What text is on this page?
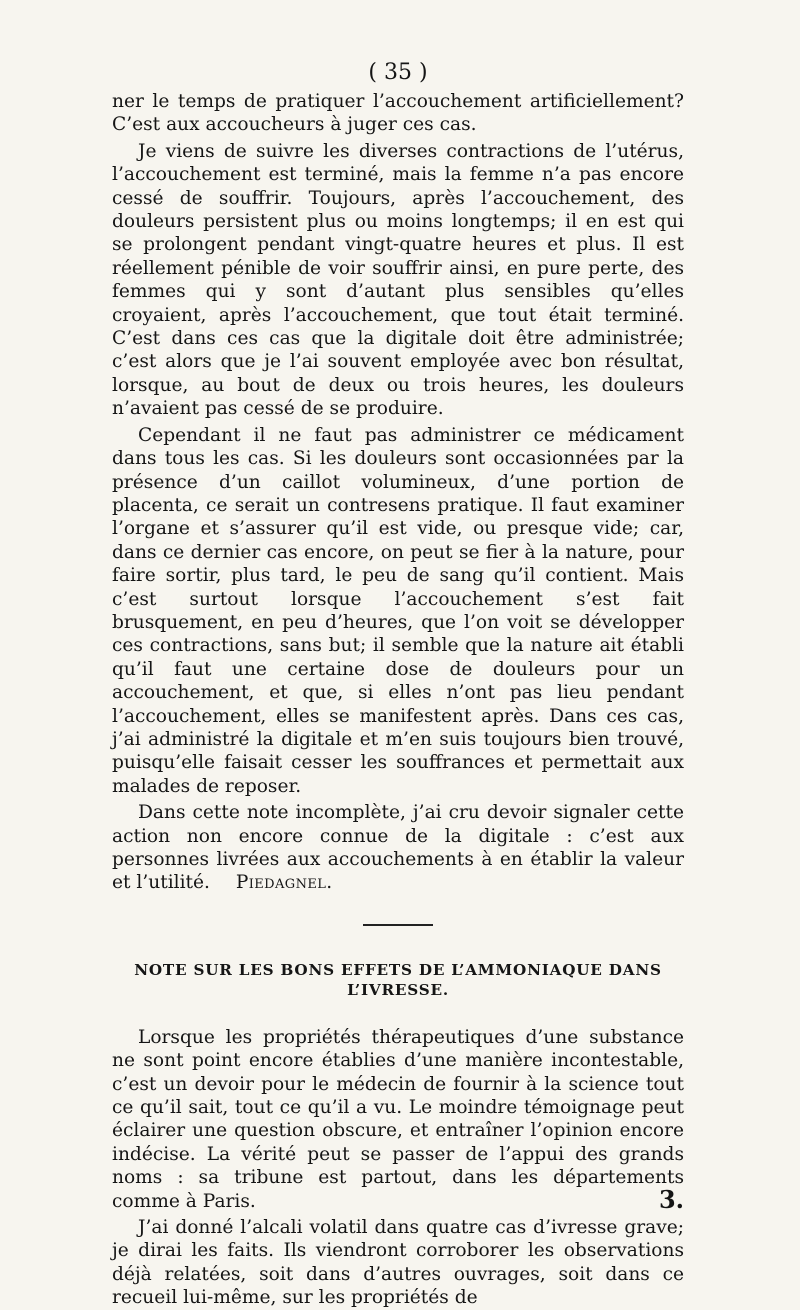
( 35 )

ner le temps de pratiquer l’accouchement artificiellement? C’est aux accoucheurs à juger ces cas.

Je viens de suivre les diverses contractions de l’utérus, l’accouchement est terminé, mais la femme n’a pas encore cessé de souffrir. Toujours, après l’accouchement, des douleurs persistent plus ou moins longtemps; il en est qui se prolongent pendant vingt-quatre heures et plus. Il est réellement pénible de voir souffrir ainsi, en pure perte, des femmes qui y sont d’autant plus sensibles qu’elles croyaient, après l’accouchement, que tout était terminé. C’est dans ces cas que la digitale doit être administrée; c’est alors que je l’ai souvent employée avec bon résultat, lorsque, au bout de deux ou trois heures, les douleurs n’avaient pas cessé de se produire.

Cependant il ne faut pas administrer ce médicament dans tous les cas. Si les douleurs sont occasionnées par la présence d’un caillot volumineux, d’une portion de placenta, ce serait un contresens pratique. Il faut examiner l’organe et s’assurer qu’il est vide, ou presque vide; car, dans ce dernier cas encore, on peut se fier à la nature, pour faire sortir, plus tard, le peu de sang qu’il contient. Mais c’est surtout lorsque l’accouchement s’est fait brusquement, en peu d’heures, que l’on voit se développer ces contractions, sans but; il semble que la nature ait établi qu’il faut une certaine dose de douleurs pour un accouchement, et que, si elles n’ont pas lieu pendant l’accouchement, elles se manifestent après. Dans ces cas, j’ai administré la digitale et m’en suis toujours bien trouvé, puisqu’elle faisait cesser les souffrances et permettait aux malades de reposer.

Dans cette note incomplète, j’ai cru devoir signaler cette action non encore connue de la digitale : c’est aux personnes livrées aux accouchements à en établir la valeur et l’utilité. Piedagnel.

NOTE SUR LES BONS EFFETS DE L’AMMONIAQUE DANS L’IVRESSE.

Lorsque les propriétés thérapeutiques d’une substance ne sont point encore établies d’une manière incontestable, c’est un devoir pour le médecin de fournir à la science tout ce qu’il sait, tout ce qu’il a vu. Le moindre témoignage peut éclairer une question obscure, et entraîner l’opinion encore indécise. La vérité peut se passer de l’appui des grands noms : sa tribune est partout, dans les départements comme à Paris.

J’ai donné l’alcali volatil dans quatre cas d’ivresse grave; je dirai les faits. Ils viendront corroborer les observations déjà relatées, soit dans d’autres ouvrages, soit dans ce recueil lui-même, sur les propriétés de

3.
